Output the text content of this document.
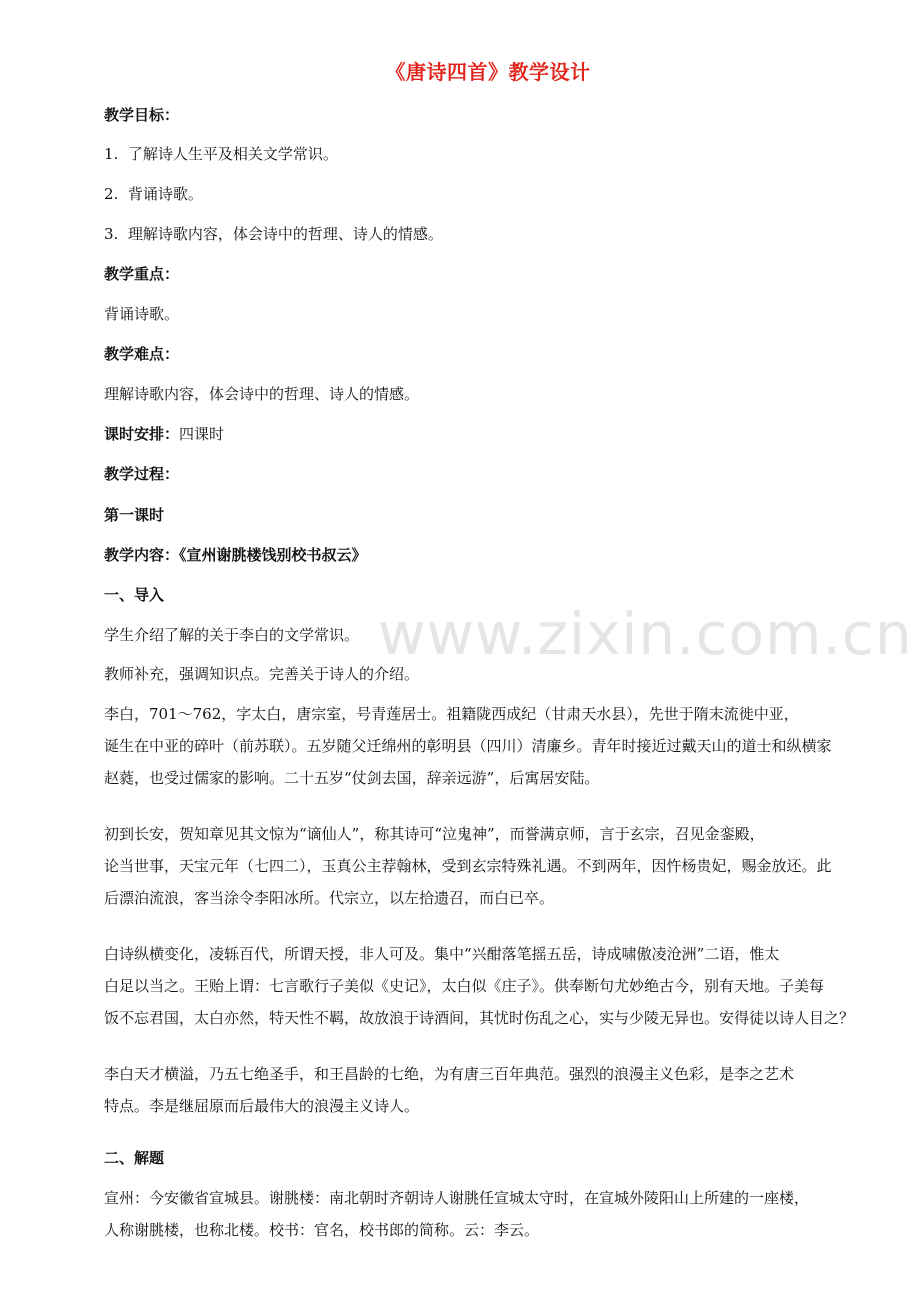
《唐诗四首》教学设计
教学目标：
1.  了解诗人生平及相关文学常识。
2.  背诵诗歌。
3.  理解诗歌内容，体会诗中的哲理、诗人的情感。
教学重点：
背诵诗歌。
教学难点：
理解诗歌内容，体会诗中的哲理、诗人的情感。
课时安排：四课时
教学过程：
第一课时
教学内容：《宣州谢朓楼饯别校书叔云》
一、导入
学生介绍了解的关于李白的文学常识。
教师补充，强调知识点。完善关于诗人的介绍。
李白，701～762，字太白，唐宗室，号青莲居士。祖籍陇西成纪（甘肃天水县），先世于隋末流徙中亚，
诞生在中亚的碎叶（前苏联）。五岁随父迁绵州的彰明县（四川）清廉乡。青年时接近过戴天山的道士和纵横家
赵蕤，也受过儒家的影响。二十五岁“仗剑去国，辞亲远游”，后寓居安陆。
初到长安，贺知章见其文惊为“谪仙人”，称其诗可“泣鬼神”，而誉满京师，言于玄宗，召见金銮殿，
论当世事，天宝元年（七四二），玉真公主荐翰林，受到玄宗特殊礼遇。不到两年，因忤杨贵妃，赐金放还。此
后漂泊流浪，客当涂令李阳冰所。代宗立，以左拾遗召，而白已卒。
白诗纵横变化，凌轹百代，所谓天授，非人可及。集中“兴酣落笔摇五岳，诗成啸傲凌沧洲”二语，惟太
白足以当之。王贻上谓：七言歌行子美似《史记》，太白似《庄子》。供奉断句尤妙绝古今，别有天地。子美每
饭不忘君国，太白亦然，特天性不羁，故放浪于诗酒间，其忧时伤乱之心，实与少陵无异也。安得徒以诗人目之？
李白天才横溢，乃五七绝圣手，和王昌龄的七绝，为有唐三百年典范。强烈的浪漫主义色彩，是李之艺术
特点。李是继屈原而后最伟大的浪漫主义诗人。
二、解题
宣州：今安徽省宣城县。谢朓楼：南北朝时齐朝诗人谢朓任宣城太守时，在宣城外陵阳山上所建的一座楼，
人称谢朓楼，也称北楼。校书：官名，校书郎的简称。云：李云。
www.zixin.com.cn
